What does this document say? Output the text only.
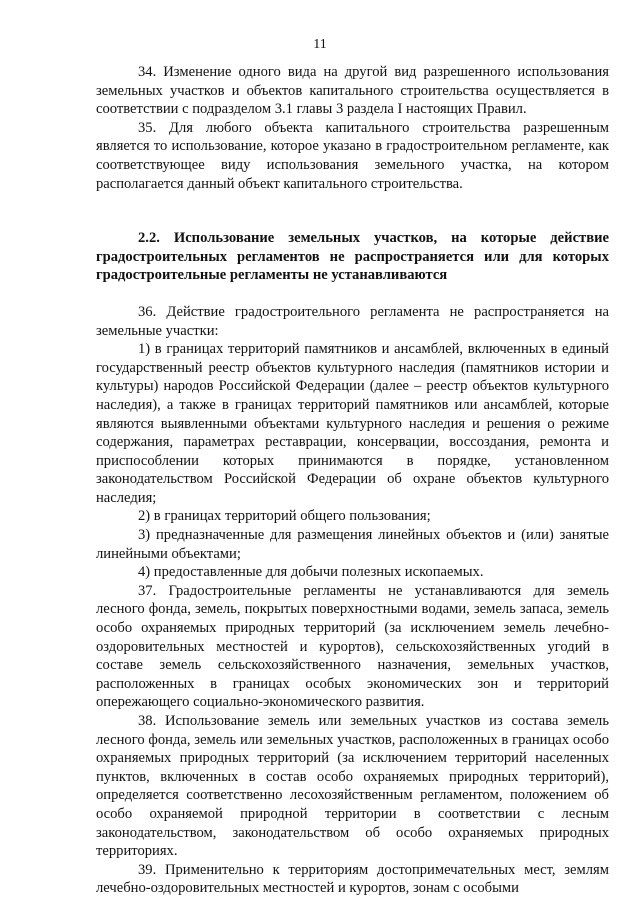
11

34. Изменение одного вида на другой вид разрешенного использования земельных участков и объектов капитального строительства осуществляется в соответствии с подразделом 3.1 главы 3 раздела I настоящих Правил.

35. Для любого объекта капитального строительства разрешенным является то использование, которое указано в градостроительном регламенте, как соответствующее виду использования земельного участка, на котором располагается данный объект капитального строительства.

2.2. Использование земельных участков, на которые действие градостроительных регламентов не распространяется или для которых градостроительные регламенты не устанавливаются

36. Действие градостроительного регламента не распространяется на земельные участки:

1) в границах территорий памятников и ансамблей, включенных в единый государственный реестр объектов культурного наследия (памятников истории и культуры) народов Российской Федерации (далее – реестр объектов культурного наследия), а также в границах территорий памятников или ансамблей, которые являются выявленными объектами культурного наследия и решения о режиме содержания, параметрах реставрации, консервации, воссоздания, ремонта и приспособлении которых принимаются в порядке, установленном законодательством Российской Федерации об охране объектов культурного наследия;

2) в границах территорий общего пользования;

3) предназначенные для размещения линейных объектов и (или) занятые линейными объектами;

4) предоставленные для добычи полезных ископаемых.

37. Градостроительные регламенты не устанавливаются для земель лесного фонда, земель, покрытых поверхностными водами, земель запаса, земель особо охраняемых природных территорий (за исключением земель лечебно-оздоровительных местностей и курортов), сельскохозяйственных угодий в составе земель сельскохозяйственного назначения, земельных участков, расположенных в границах особых экономических зон и территорий опережающего социально-экономического развития.

38. Использование земель или земельных участков из состава земель лесного фонда, земель или земельных участков, расположенных в границах особо охраняемых природных территорий (за исключением территорий населенных пунктов, включенных в состав особо охраняемых природных территорий), определяется соответственно лесохозяйственным регламентом, положением об особо охраняемой природной территории в соответствии с лесным законодательством, законодательством об особо охраняемых природных территориях.

39. Применительно к территориям достопримечательных мест, землям лечебно-оздоровительных местностей и курортов, зонам с особыми
